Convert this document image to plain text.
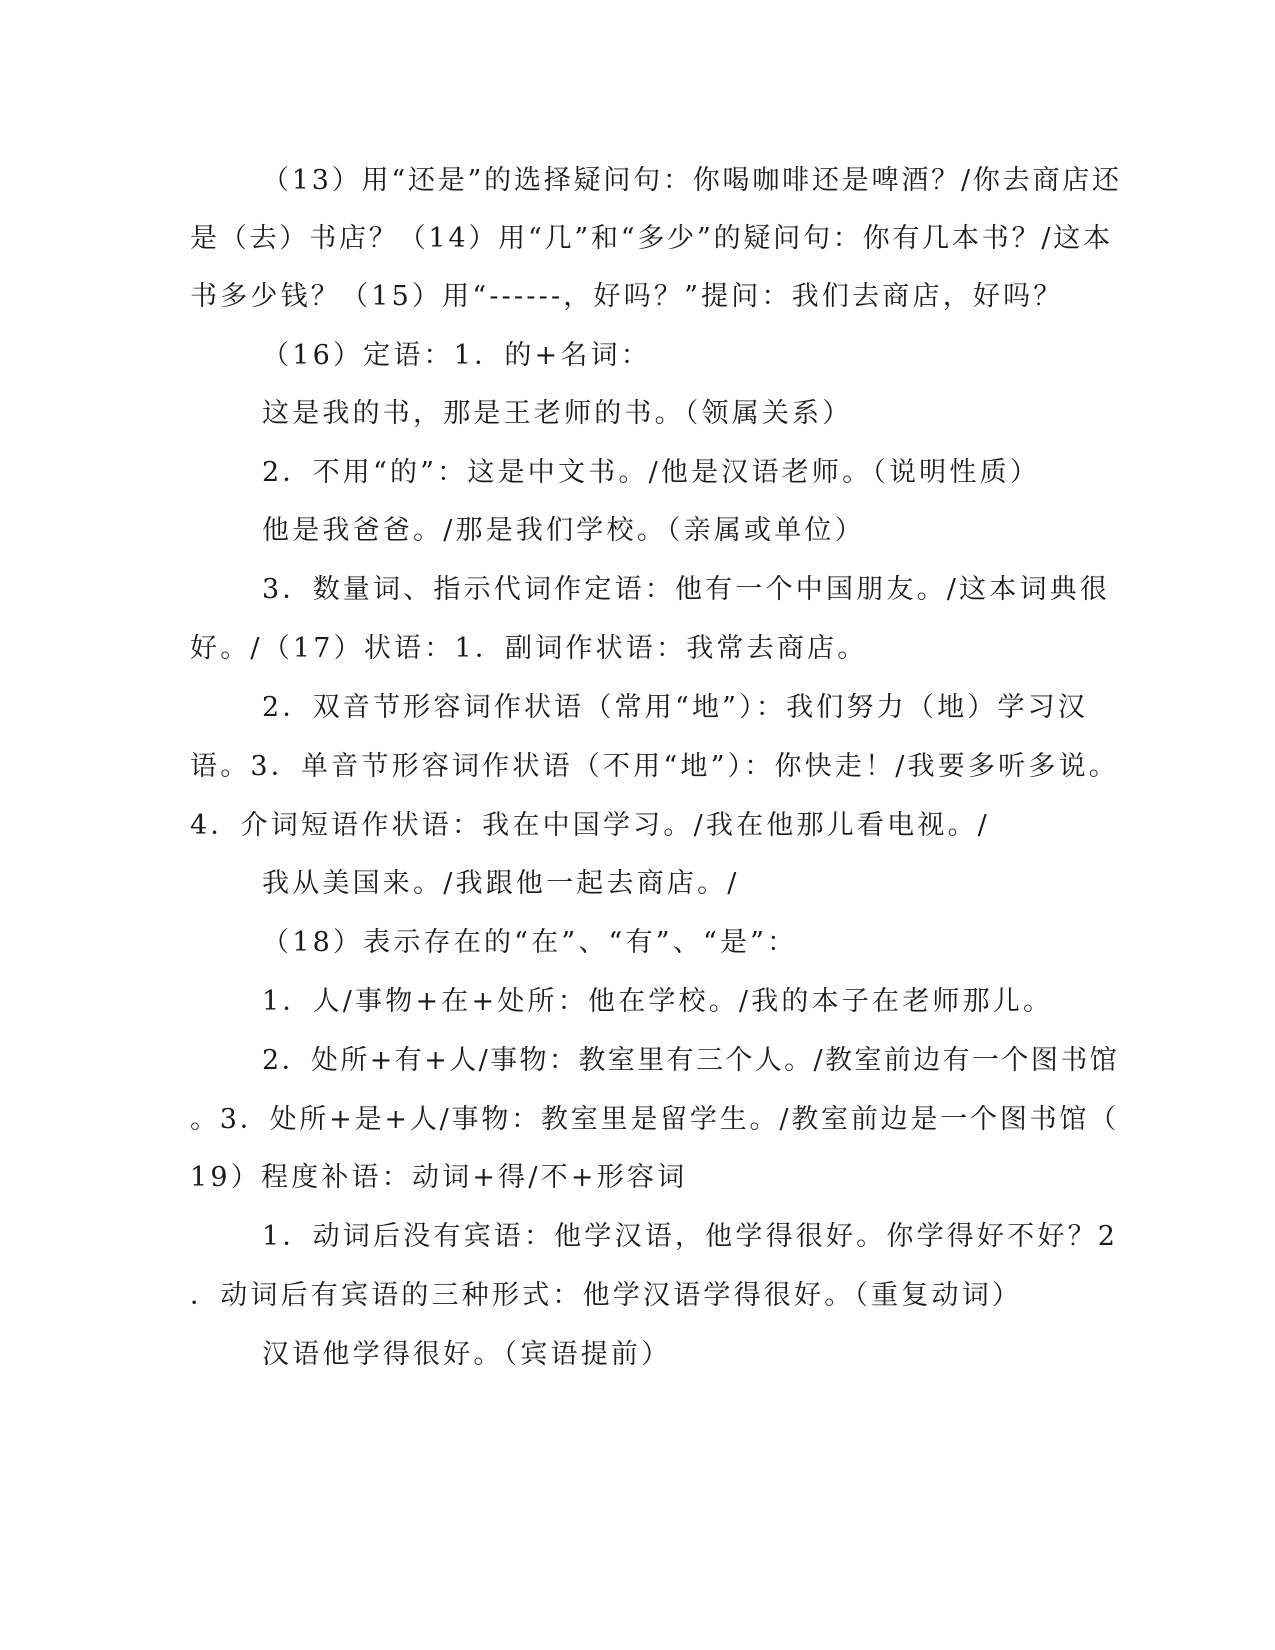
（13）用“还是”的选择疑问句：你喝咖啡还是啤酒？/你去商店还
是（去）书店？（14）用“几”和“多少”的疑问句：你有几本书？/这本
书多少钱？（15）用“------，好吗？”提问：我们去商店，好吗？
（16）定语：1．的+名词：
这是我的书，那是王老师的书。（领属关系）
2．不用“的”：这是中文书。/他是汉语老师。（说明性质）
他是我爸爸。/那是我们学校。（亲属或单位）
3．数量词、指示代词作定语：他有一个中国朋友。/这本词典很
好。/（17）状语：1．副词作状语：我常去商店。
2．双音节形容词作状语（常用“地”）：我们努力（地）学习汉
语。3．单音节形容词作状语（不用“地”）：你快走！/我要多听多说。
4．介词短语作状语：我在中国学习。/我在他那儿看电视。/
我从美国来。/我跟他一起去商店。/
（18）表示存在的“在”、“有”、“是”：
1．人/事物+在+处所：他在学校。/我的本子在老师那儿。
2．处所+有+人/事物：教室里有三个人。/教室前边有一个图书馆
。3．处所+是+人/事物：教室里是留学生。/教室前边是一个图书馆（
19）程度补语：动词+得/不+形容词
1．动词后没有宾语：他学汉语，他学得很好。你学得好不好？2
．动词后有宾语的三种形式：他学汉语学得很好。（重复动词）
汉语他学得很好。（宾语提前）
